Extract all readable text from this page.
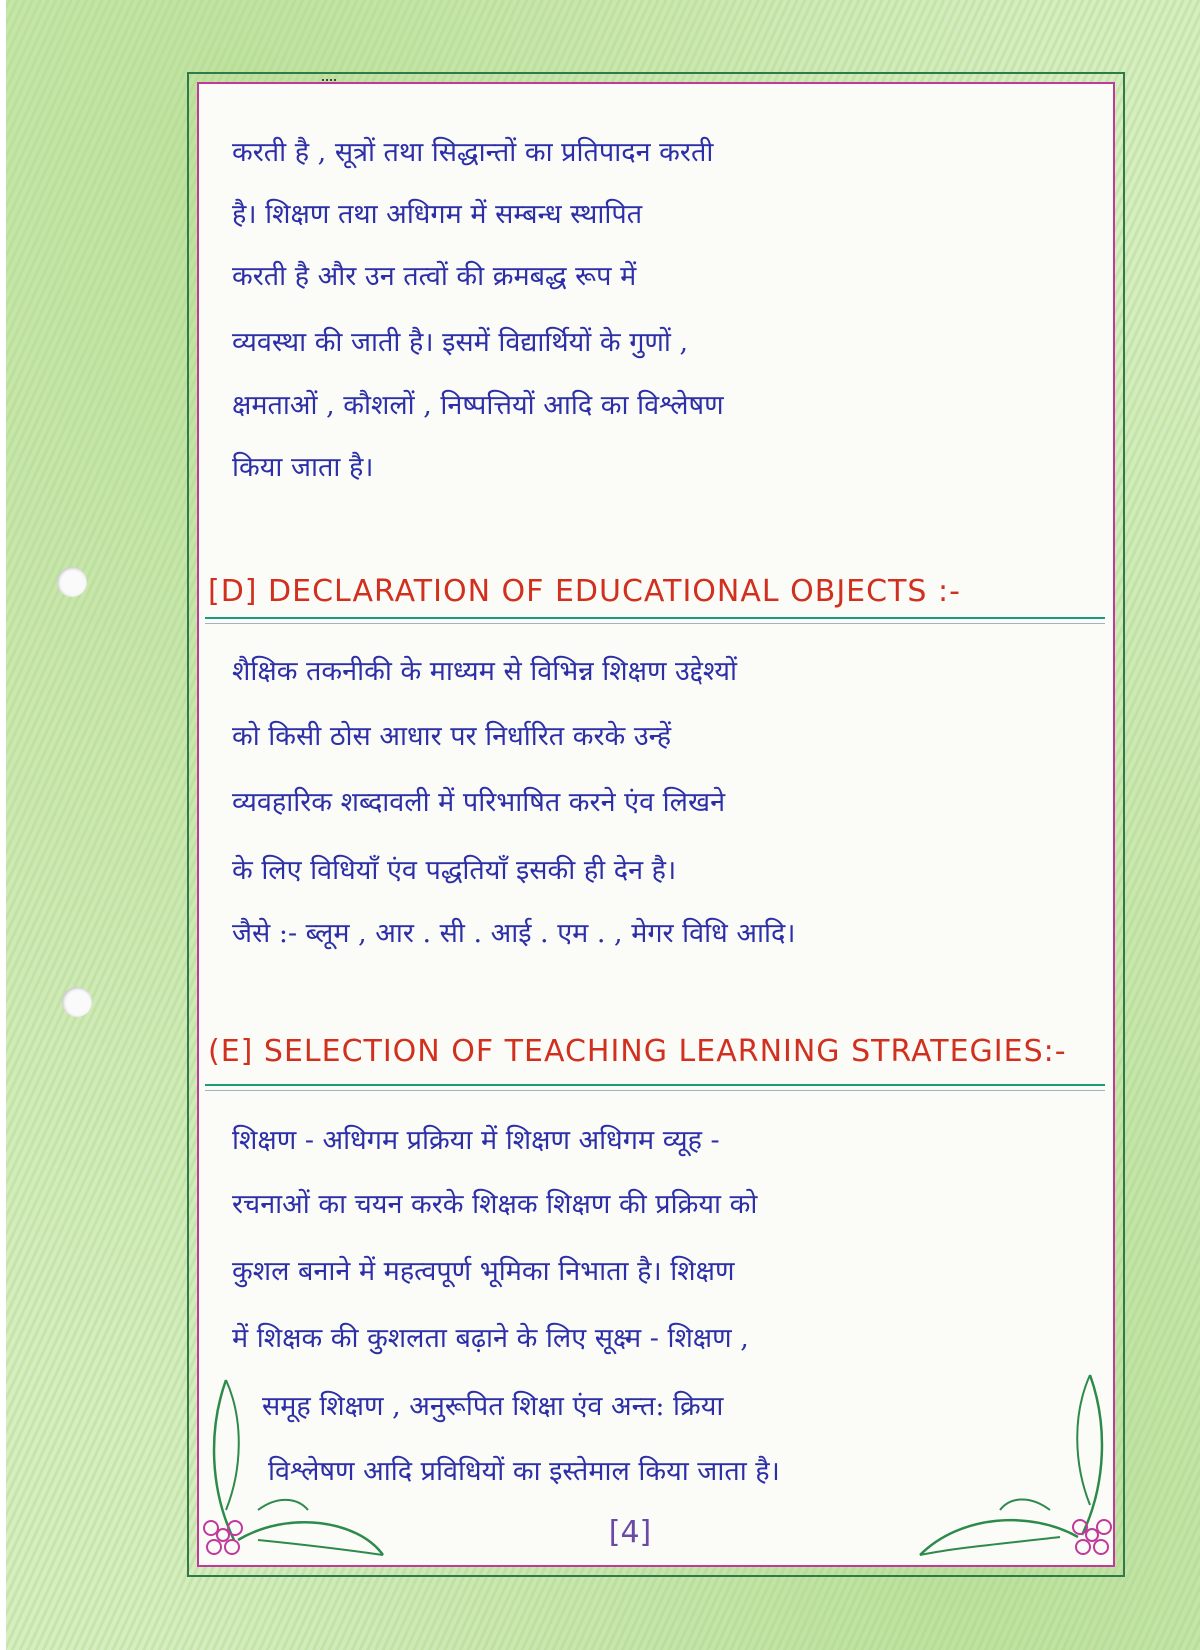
करती है , सूत्रों तथा सिद्धान्तों का प्रतिपादन करती
है। शिक्षण तथा अधिगम में सम्बन्ध स्थापित
करती है और उन तत्वों की क्रमबद्ध रूप में
व्यवस्था की जाती है। इसमें विद्यार्थियों के गुणों ,
क्षमताओं , कौशलों , निष्पत्तियों आदि का विश्लेषण
किया जाता है।
[D] DECLARATION OF EDUCATIONAL OBJECTS :-
शैक्षिक तकनीकी के माध्यम से विभिन्न शिक्षण उद्देश्यों
को किसी ठोस आधार पर निर्धारित करके उन्हें
व्यवहारिक शब्दावली में परिभाषित करने एंव लिखने
के लिए विधियाँ एंव पद्धतियाँ इसकी ही देन है।
जैसे :- ब्लूम , आर . सी . आई . एम . , मेगर विधि आदि।
(E] SELECTION OF TEACHING LEARNING STRATEGIES:-
शिक्षण - अधिगम प्रक्रिया में शिक्षण अधिगम व्यूह -
रचनाओं का चयन करके शिक्षक शिक्षण की प्रक्रिया को
कुशल बनाने में महत्वपूर्ण भूमिका निभाता है। शिक्षण
में शिक्षक की कुशलता बढ़ाने के लिए सूक्ष्म - शिक्षण ,
समूह शिक्षण , अनुरूपित शिक्षा एंव अन्त: क्रिया
विश्लेषण आदि प्रविधियों का इस्तेमाल किया जाता है।
[4]
